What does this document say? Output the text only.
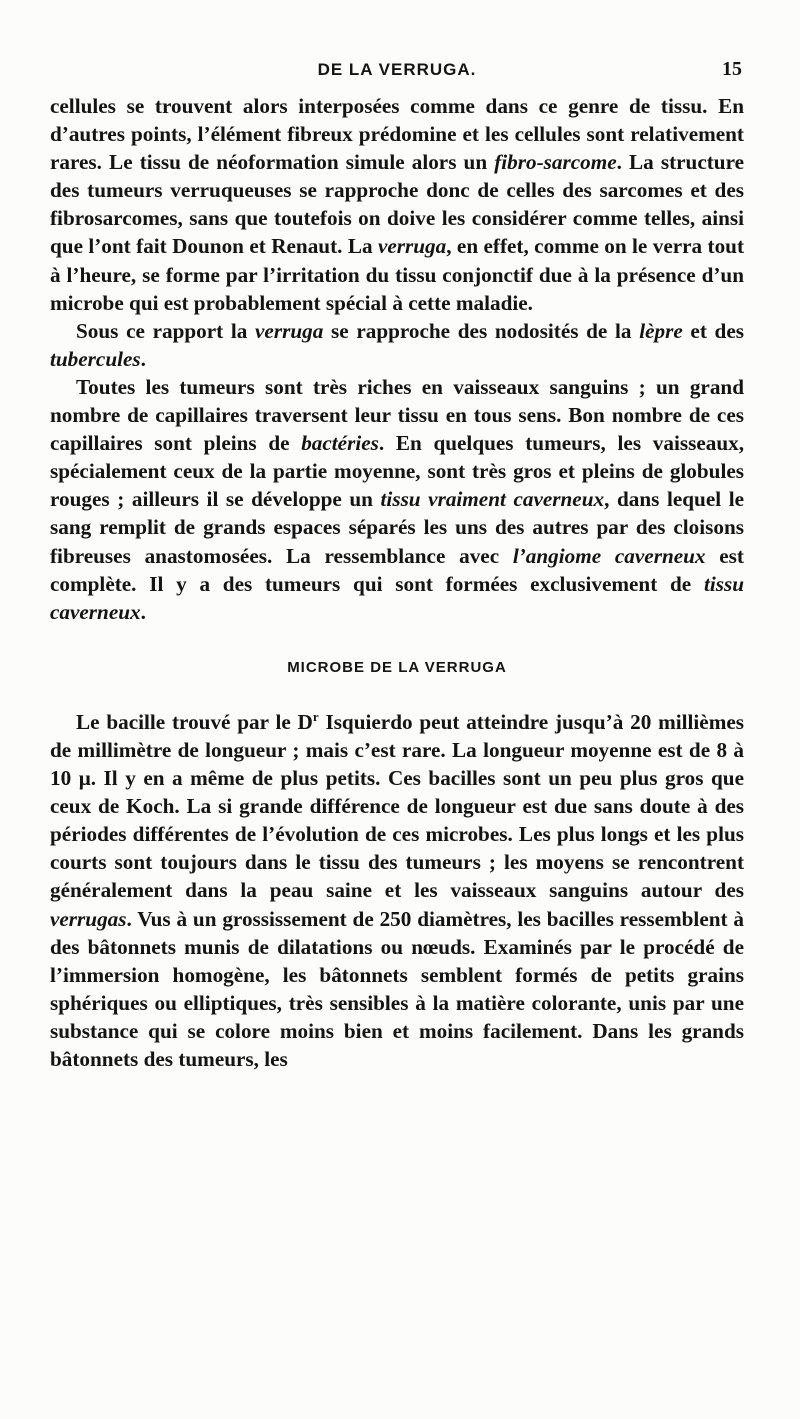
DE LA VERRUGA.	15

cellules se trouvent alors interposées comme dans ce genre de tissu. En d’autres points, l’élément fibreux prédomine et les cellules sont relativement rares. Le tissu de néoformation simule alors un fibro-sarcome. La structure des tumeurs verruqueuses se rapproche donc de celles des sarcomes et des fibrosarcomes, sans que toutefois on doive les considérer comme telles, ainsi que l’ont fait Dounon et Renaut. La verruga, en effet, comme on le verra tout à l’heure, se forme par l’irritation du tissu conjonctif due à la présence d’un microbe qui est probablement spécial à cette maladie.

Sous ce rapport la verruga se rapproche des nodosités de la lèpre et des tubercules.

Toutes les tumeurs sont très riches en vaisseaux sanguins ; un grand nombre de capillaires traversent leur tissu en tous sens. Bon nombre de ces capillaires sont pleins de bactéries. En quelques tumeurs, les vaisseaux, spécialement ceux de la partie moyenne, sont très gros et pleins de globules rouges ; ailleurs il se développe un tissu vraiment caverneux, dans lequel le sang remplit de grands espaces séparés les uns des autres par des cloisons fibreuses anastomosées. La ressemblance avec l’angiome caverneux est complète. Il y a des tumeurs qui sont formées exclusivement de tissu caverneux.

MICROBE DE LA VERRUGA

Le bacille trouvé par le $D^r$ Isquierdo peut atteindre jusqu’à 20 millièmes de millimètre de longueur ; mais c’est rare. La longueur moyenne est de 8 à 10 μ. Il y en a même de plus petits. Ces bacilles sont un peu plus gros que ceux de Koch. La si grande différence de longueur est due sans doute à des périodes différentes de l’évolution de ces microbes. Les plus longs et les plus courts sont toujours dans le tissu des tumeurs ; les moyens se rencontrent généralement dans la peau saine et les vaisseaux sanguins autour des verrugas. Vus à un grossissement de 250 diamètres, les bacilles ressemblent à des bâtonnets munis de dilatations ou nœuds. Examinés par le procédé de l’immersion homogène, les bâtonnets semblent formés de petits grains sphériques ou elliptiques, très sensibles à la matière colorante, unis par une substance qui se colore moins bien et moins facilement. Dans les grands bâtonnets des tumeurs, les
